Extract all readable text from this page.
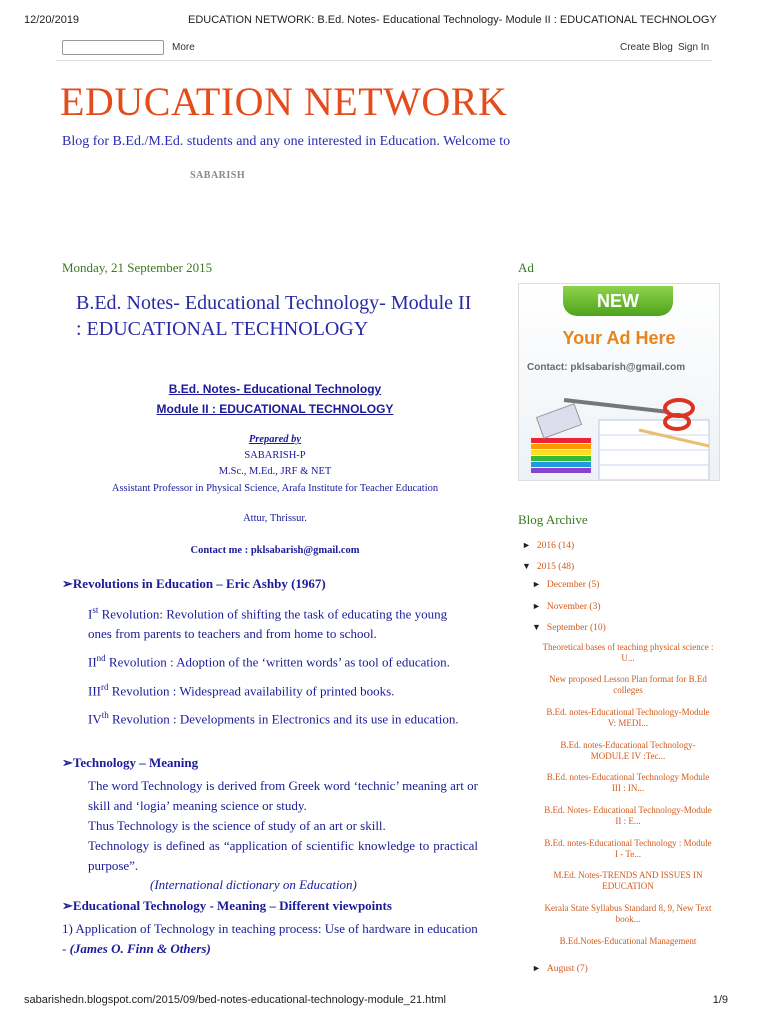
12/20/2019	EDUCATION NETWORK: B.Ed. Notes- Educational Technology- Module II : EDUCATIONAL TECHNOLOGY
More	Create Blog Sign In
EDUCATION NETWORK
Blog for B.Ed./M.Ed. students and any one interested in Education. Welcome to
SABARISH
Monday, 21 September 2015
B.Ed. Notes- Educational Technology- Module II : EDUCATIONAL TECHNOLOGY
B.Ed. Notes- Educational Technology
Module II : EDUCATIONAL TECHNOLOGY
Prepared by
SABARISH-P
M.Sc., M.Ed., JRF & NET
Assistant Professor in Physical Science, Arafa Institute for Teacher Education
Attur, Thrissur.
Contact me : pklsabarish@gmail.com
➢Revolutions in Education – Eric Ashby (1967)

Ist Revolution: Revolution of shifting the task of educating the young ones from parents to teachers and from home to school.

IInd Revolution : Adoption of the ‘written words’ as tool of education.

IIIrd Revolution : Widespread availability of printed books.

IVth Revolution : Developments in Electronics and its use in education.

➢Technology – Meaning

The word Technology is derived from Greek word ‘technic’ meaning art or skill and ‘logia’ meaning science or study.

Thus Technology is the science of study of an art or skill.

Technology is defined as “application of scientific knowledge to practical purpose”.

(International dictionary on Education)
➢Educational Technology - Meaning – Different viewpoints
1) Application of Technology in teaching process: Use of hardware in education - (James O. Finn & Others)
Ad
NEW
Your Ad Here
Contact: pklsabarish@gmail.com
Blog Archive
► 2016 (14)
▼ 2015 (48)
► December (5)
► November (3)
▼ September (10)
Theoretical bases of teaching physical science : U...
New proposed Lesson Plan format for B.Ed colleges
B.Ed. notes-Educational Technology-Module V: MEDI...
B.Ed. notes-Educational Technology-MODULE IV :Tec...
B.Ed. notes-Educational Technology Module III : IN...
B.Ed. Notes- Educational Technology-Module II : E...
B.Ed. notes-Educational Technology : Module I - Te...
M.Ed. Notes-TRENDS AND ISSUES IN EDUCATION
Kerala State Syllabus Standard 8, 9, New Text book...
B.Ed.Notes-Educational Management
► August (7)
sabarishedn.blogspot.com/2015/09/bed-notes-educational-technology-module_21.html	1/9
